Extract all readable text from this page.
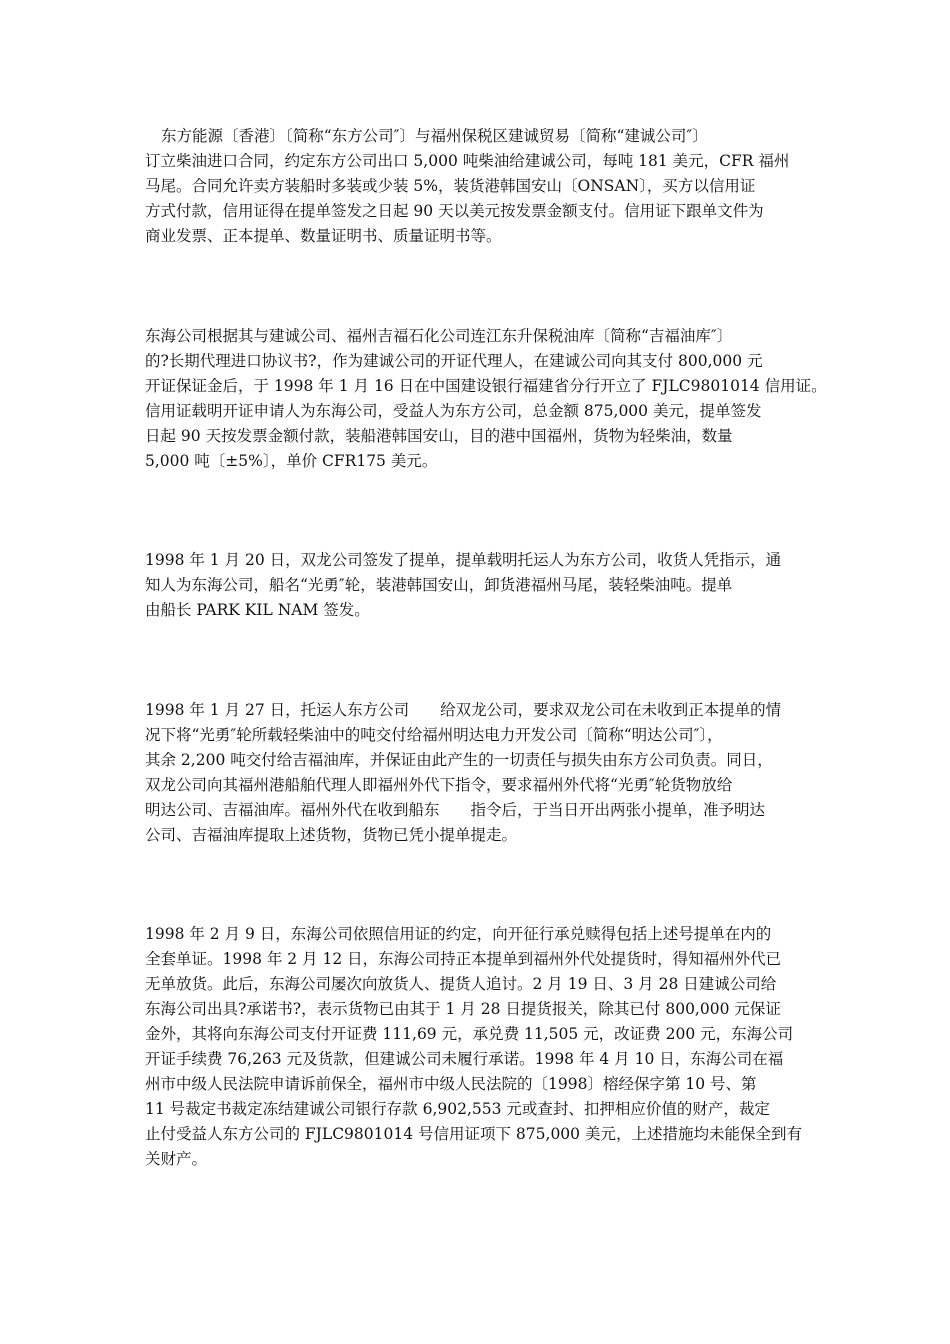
东方能源〔香港〕〔简称“东方公司″〕与福州保税区建诚贸易〔简称“建诚公司″〕
订立柴油进口合同，约定东方公司出口 5,000 吨柴油给建诚公司，每吨 181 美元，CFR 福州
马尾。合同允许卖方装船时多装或少装 5%，装货港韩国安山〔ONSAN〕，买方以信用证
方式付款，信用证得在提单签发之日起 90 天以美元按发票金额支付。信用证下跟单文件为
商业发票、正本提单、数量证明书、质量证明书等。
东海公司根据其与建诚公司、福州吉福石化公司连江东升保税油库〔简称“吉福油库″〕
的?长期代理进口协议书?，作为建诚公司的开证代理人，在建诚公司向其支付 800,000 元
开证保证金后，于 1998 年 1 月 16 日在中国建设银行福建省分行开立了 FJLC9801014 信用证。
信用证载明开证申请人为东海公司，受益人为东方公司，总金额 875,000 美元，提单签发
日起 90 天按发票金额付款，装船港韩国安山，目的港中国福州，货物为轻柴油，数量
5,000 吨〔±5%〕，单价 CFR175 美元。
1998 年 1 月 20 日，双龙公司签发了提单，提单载明托运人为东方公司，收货人凭指示，通
知人为东海公司，船名“光勇″轮，装港韩国安山，卸货港福州马尾，装轻柴油吨。提单
由船长 PARK KIL NAM 签发。
1998 年 1 月 27 日，托运人东方公司　　给双龙公司，要求双龙公司在未收到正本提单的情
况下将“光勇″轮所载轻柴油中的吨交付给福州明达电力开发公司〔简称“明达公司″〕，
其余 2,200 吨交付给吉福油库，并保证由此产生的一切责任与损失由东方公司负责。同日，
双龙公司向其福州港船舶代理人即福州外代下指令，要求福州外代将“光勇″轮货物放给
明达公司、吉福油库。福州外代在收到船东　　指令后，于当日开出两张小提单，准予明达
公司、吉福油库提取上述货物，货物已凭小提单提走。
1998 年 2 月 9 日，东海公司依照信用证的约定，向开征行承兑赎得包括上述号提单在内的
全套单证。1998 年 2 月 12 日，东海公司持正本提单到福州外代处提货时，得知福州外代已
无单放货。此后，东海公司屡次向放货人、提货人追讨。2 月 19 日、3 月 28 日建诚公司给
东海公司出具?承诺书?，表示货物已由其于 1 月 28 日提货报关，除其已付 800,000 元保证
金外，其将向东海公司支付开证费 111,69 元，承兑费 11,505 元，改证费 200 元，东海公司
开证手续费 76,263 元及货款，但建诚公司未履行承诺。1998 年 4 月 10 日，东海公司在福
州市中级人民法院申请诉前保全，福州市中级人民法院的〔1998〕榕经保字第 10 号、第
11 号裁定书裁定冻结建诚公司银行存款 6,902,553 元或查封、扣押相应价值的财产，裁定
止付受益人东方公司的 FJLC9801014 号信用证项下 875,000 美元，上述措施均未能保全到有
关财产。
